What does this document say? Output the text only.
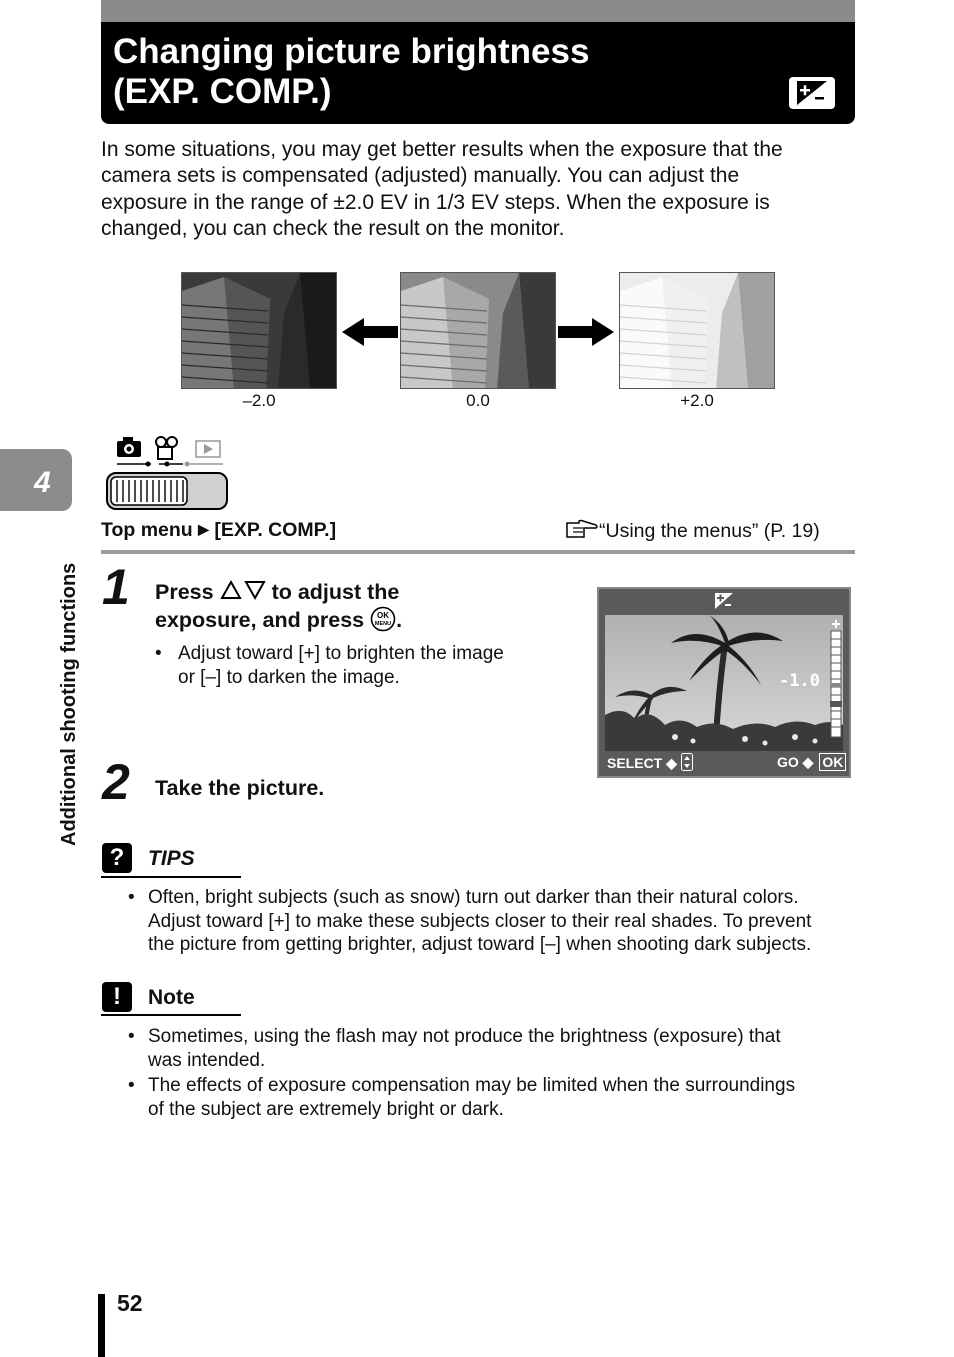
Changing picture brightness
(EXP. COMP.)
In some situations, you may get better results when the exposure that the
camera sets is compensated (adjusted) manually. You can adjust the
exposure in the range of ±2.0 EV in 1/3 EV steps. When the exposure is
changed, you can check the result on the monitor.
–2.0	0.0	+2.0
4
Additional shooting functions
Top menu ▶ [EXP. COMP.]	“Using the menus” (P. 19)
1 Press	to adjust the
exposure, and press OK
MENU .
• Adjust toward [+] to brighten the image
or [–] to darken the image.	-1.0
SELECT ◆	GO ◆ OK
2 Take the picture.
?	TIPS
• Often, bright subjects (such as snow) turn out darker than their natural colors.
Adjust toward [+] to make these subjects closer to their real shades. To prevent
the picture from getting brighter, adjust toward [–] when shooting dark subjects.
!	Note
• Sometimes, using the flash may not produce the brightness (exposure) that
was intended.
• The effects of exposure compensation may be limited when the surroundings
of the subject are extremely bright or dark.
52
